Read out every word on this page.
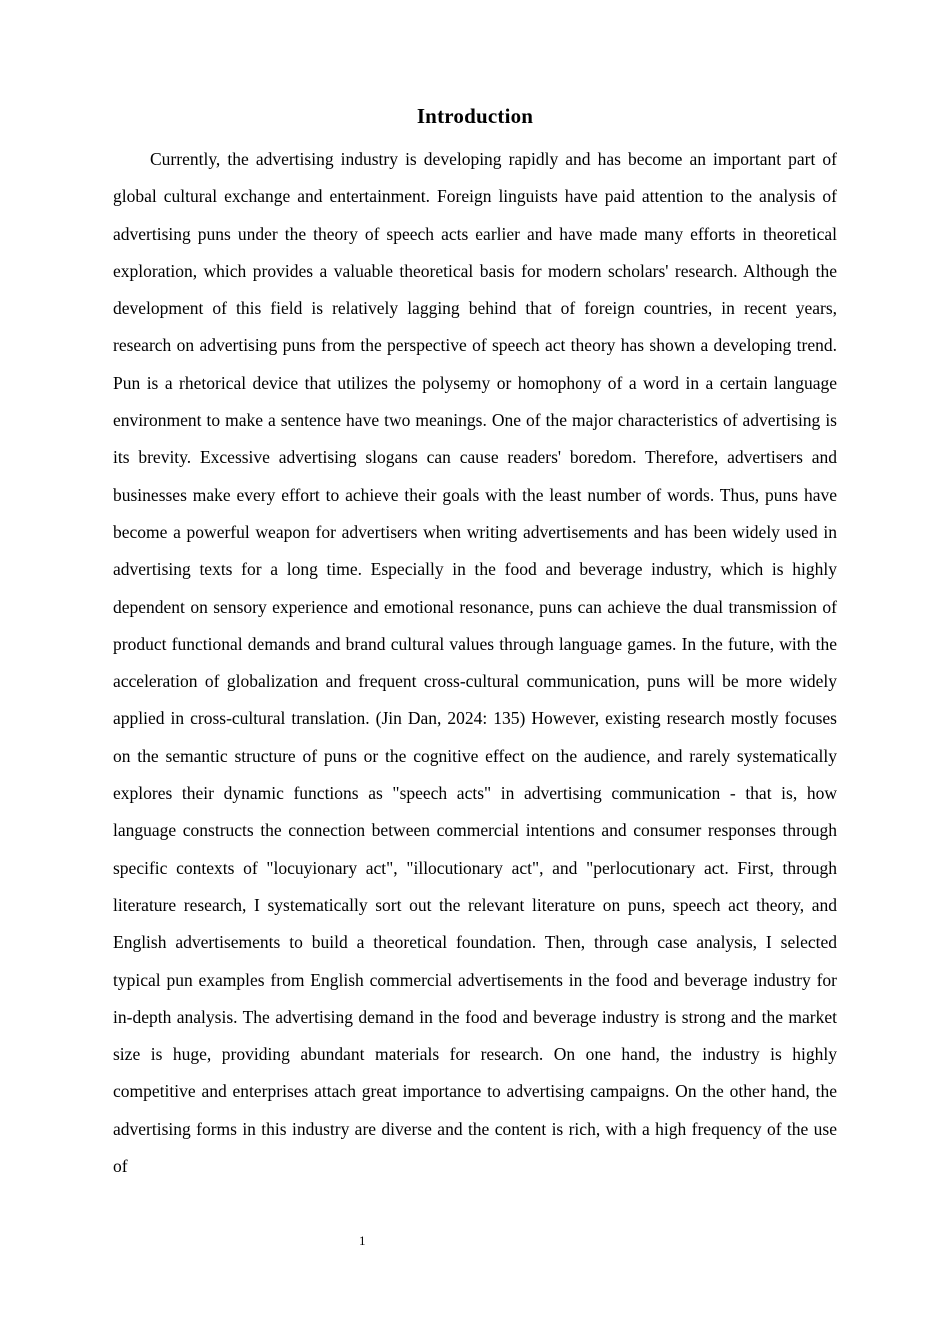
Introduction

Currently, the advertising industry is developing rapidly and has become an important part of global cultural exchange and entertainment. Foreign linguists have paid attention to the analysis of advertising puns under the theory of speech acts earlier and have made many efforts in theoretical exploration, which provides a valuable theoretical basis for modern scholars' research. Although the development of this field is relatively lagging behind that of foreign countries, in recent years, research on advertising puns from the perspective of speech act theory has shown a developing trend. Pun is a rhetorical device that utilizes the polysemy or homophony of a word in a certain language environment to make a sentence have two meanings. One of the major characteristics of advertising is its brevity. Excessive advertising slogans can cause readers' boredom. Therefore, advertisers and businesses make every effort to achieve their goals with the least number of words. Thus, puns have become a powerful weapon for advertisers when writing advertisements and has been widely used in advertising texts for a long time. Especially in the food and beverage industry, which is highly dependent on sensory experience and emotional resonance, puns can achieve the dual transmission of product functional demands and brand cultural values through language games. In the future, with the acceleration of globalization and frequent cross-cultural communication, puns will be more widely applied in cross-cultural translation. (Jin Dan, 2024: 135) However, existing research mostly focuses on the semantic structure of puns or the cognitive effect on the audience, and rarely systematically explores their dynamic functions as "speech acts" in advertising communication - that is, how language constructs the connection between commercial intentions and consumer responses through specific contexts of "locuyionary act", "illocutionary act", and "perlocutionary act. First, through literature research, I systematically sort out the relevant literature on puns, speech act theory, and English advertisements to build a theoretical foundation. Then, through case analysis, I selected typical pun examples from English commercial advertisements in the food and beverage industry for in-depth analysis. The advertising demand in the food and beverage industry is strong and the market size is huge, providing abundant materials for research. On one hand, the industry is highly competitive and enterprises attach great importance to advertising campaigns. On the other hand, the advertising forms in this industry are diverse and the content is rich, with a high frequency of the use of

1
